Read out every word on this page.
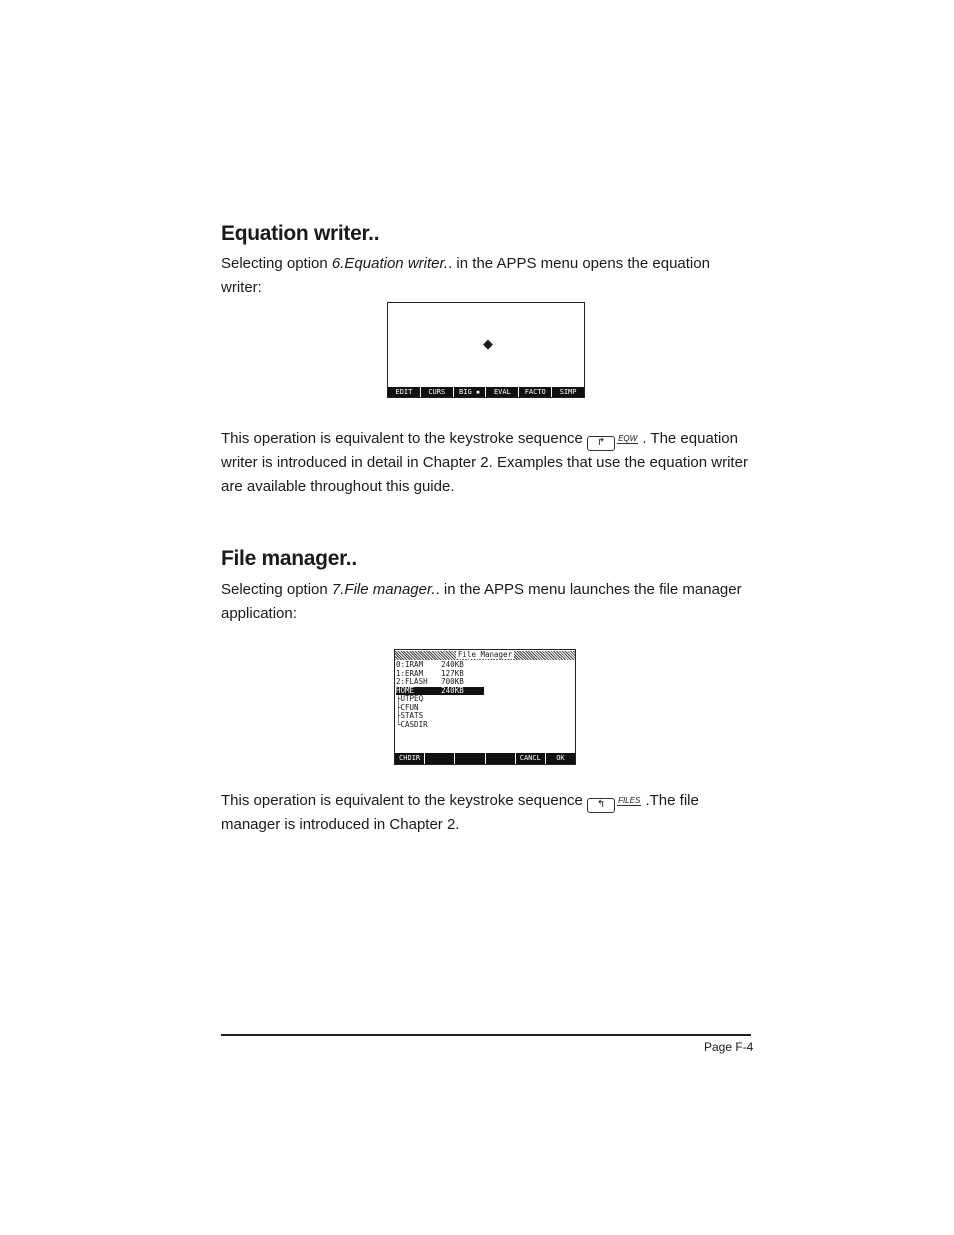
Equation writer..

Selecting option 6.Equation writer.. in the APPS menu opens the equation writer:

◆
EDIT	CURS	BIG ▪	EVAL	FACTO	SIMP

This operation is equivalent to the keystroke sequence ↱ EQW . The equation writer is introduced in detail in Chapter 2. Examples that use the equation writer are available throughout this guide.

File manager..

Selecting option 7.File manager.. in the APPS menu launches the file manager application:

File Manager
0:IRAM    240KB
1:ERAM    127KB
2:FLASH   700KB
HOME      240KB
├UTPEQ
├CFUN
├STATS
└CASDIR
CHDIR	CANCL	OK

This operation is equivalent to the keystroke sequence ↰ FILES .The file manager is introduced in Chapter 2.

Page F-4
